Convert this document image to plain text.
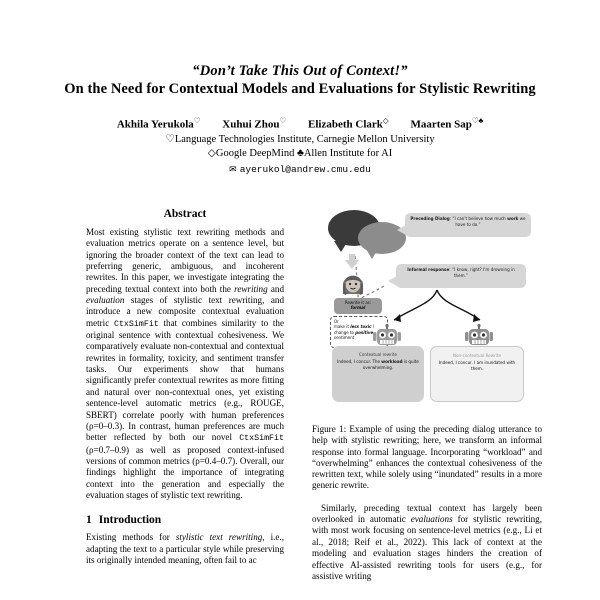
“Don’t Take This Out of Context!”
On the Need for Contextual Models and Evaluations for Stylistic Rewriting
Akhila Yerukola♡ Xuhui Zhou♡ Elizabeth Clark◇ Maarten Sap♡♣
♡Language Technologies Institute, Carnegie Mellon University
◇Google DeepMind ♣Allen Institute for AI
✉ ayerukol@andrew.cmu.edu
Abstract

Most existing stylistic text rewriting methods and evaluation metrics operate on a sentence level, but ignoring the broader context of the text can lead to preferring generic, ambiguous, and incoherent rewrites. In this paper, we investigate integrating the preceding textual context into both the rewriting and evaluation stages of stylistic text rewriting, and introduce a new composite contextual evaluation metric CtxSimFit that combines similarity to the original sentence with contextual cohesiveness. We comparatively evaluate non-contextual and contextual rewrites in formality, toxicity, and sentiment transfer tasks. Our experiments show that humans significantly prefer contextual rewrites as more fitting and natural over non-contextual ones, yet existing sentence-level automatic metrics (e.g., ROUGE, SBERT) correlate poorly with human preferences (ρ=0–0.3). In contrast, human preferences are much better reflected by both our novel CtxSimFit (ρ=0.7–0.9) as well as proposed context-infused versions of common metrics (ρ=0.4–0.7). Overall, our findings highlight the importance of integrating context into the generation and especially the evaluation stages of stylistic text rewriting.

1 Introduction

Existing methods for stylistic text rewriting, i.e., adapting the text to a particular style while preserving its originally intended meaning, often fail to ac

Preceding Dialog: “I can't believe how much work we have to do.”
Informal response: “I know, right? I'm drowning in them.”
Rewrite it as:
formal
Or
make it less toxic / change to positive sentiment
Contextual rewrite
Indeed, I concur. The workload is quite overwhelming.
Non-contextual Rewrite
Indeed, I concur. I am inundated with them.
Figure 1: Example of using the preceding dialog utterance to help with stylistic rewriting; here, we transform an informal response into formal language. Incorporating “workload” and “overwhelming” enhances the contextual cohesiveness of the rewritten text, while solely using “inundated” results in a more generic rewrite.

Similarly, preceding textual context has largely been overlooked in automatic evaluations for stylistic rewriting, with most work focusing on sentence-level metrics (e.g., Li et al., 2018; Reif et al., 2022). This lack of context at the modeling and evaluation stages hinders the creation of effective AI-assisted rewriting tools for users (e.g., for assistive writing
